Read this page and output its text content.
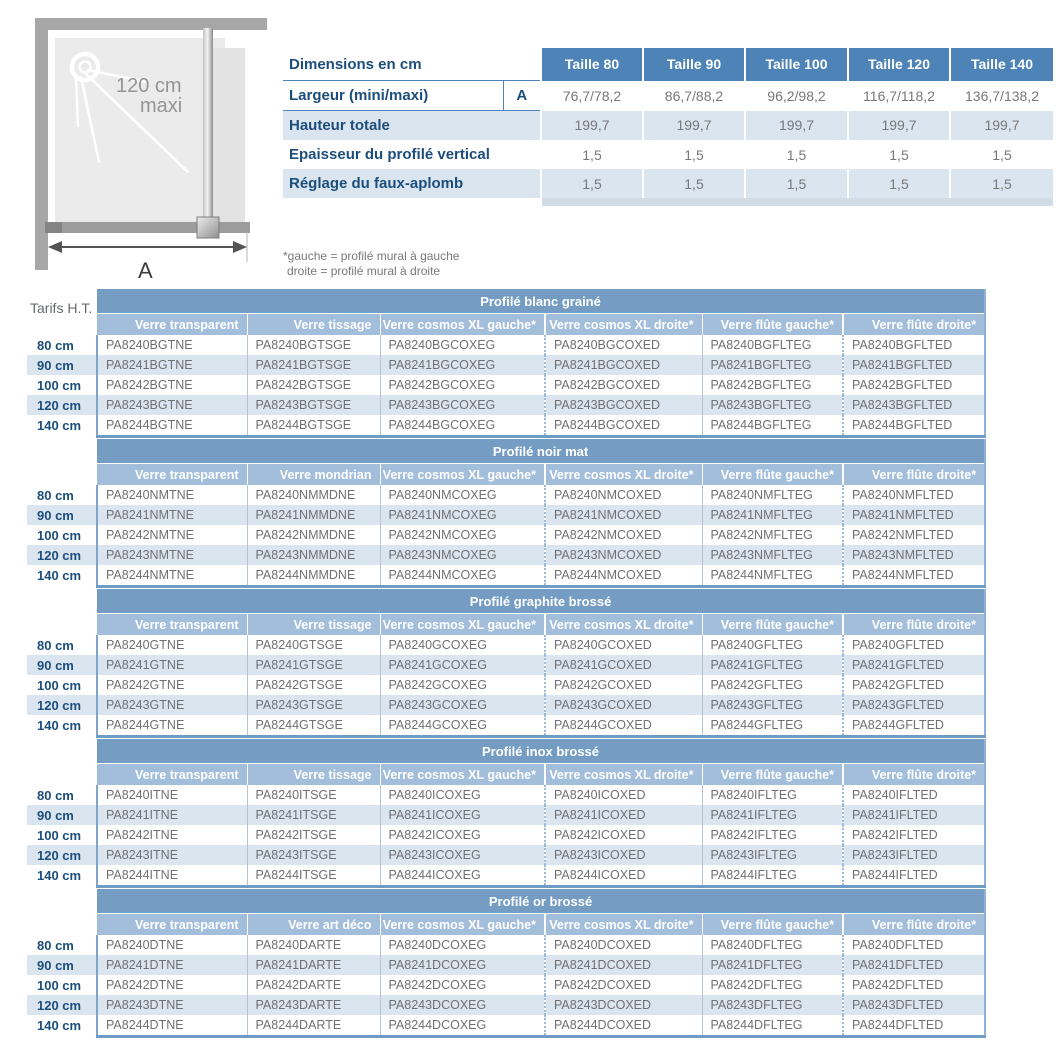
120 cm
maxi
A
Dimensions en cm		Taille 80	Taille 90	Taille 100	Taille 120	Taille 140
Largeur (mini/maxi)	A	76,7/78,2	86,7/88,2	96,2/98,2	116,7/118,2	136,7/138,2
Hauteur totale		199,7	199,7	199,7	199,7	199,7
Epaisseur du profilé vertical		1,5	1,5	1,5	1,5	1,5
Réglage du faux-aplomb		1,5	1,5	1,5	1,5	1,5

*gauche = profilé mural à gauche
droite = profilé mural à droite
Tarifs H.T.
		Profilé blanc grainé					
	Verre transparent	Verre tissage	Verre cosmos XL gauche*	Verre cosmos XL droite*	Verre flûte gauche*	Verre flûte droite*
80 cm	PA8240BGTNE	PA8240BGTSGE	PA8240BGCOXEG	PA8240BGCOXED	PA8240BGFLTEG	PA8240BGFLTED
90 cm	PA8241BGTNE	PA8241BGTSGE	PA8241BGCOXEG	PA8241BGCOXED	PA8241BGFLTEG	PA8241BGFLTED
100 cm	PA8242BGTNE	PA8242BGTSGE	PA8242BGCOXEG	PA8242BGCOXED	PA8242BGFLTEG	PA8242BGFLTED
120 cm	PA8243BGTNE	PA8243BGTSGE	PA8243BGCOXEG	PA8243BGCOXED	PA8243BGFLTEG	PA8243BGFLTED
140 cm	PA8244BGTNE	PA8244BGTSGE	PA8244BGCOXEG	PA8244BGCOXED	PA8244BGFLTEG	PA8244BGFLTED
	Profilé noir mat					
	Verre transparent	Verre mondrian	Verre cosmos XL gauche*	Verre cosmos XL droite*	Verre flûte gauche*	Verre flûte droite*
80 cm	PA8240NMTNE	PA8240NMMDNE	PA8240NMCOXEG	PA8240NMCOXED	PA8240NMFLTEG	PA8240NMFLTED
90 cm	PA8241NMTNE	PA8241NMMDNE	PA8241NMCOXEG	PA8241NMCOXED	PA8241NMFLTEG	PA8241NMFLTED
100 cm	PA8242NMTNE	PA8242NMMDNE	PA8242NMCOXEG	PA8242NMCOXED	PA8242NMFLTEG	PA8242NMFLTED
120 cm	PA8243NMTNE	PA8243NMMDNE	PA8243NMCOXEG	PA8243NMCOXED	PA8243NMFLTEG	PA8243NMFLTED
140 cm	PA8244NMTNE	PA8244NMMDNE	PA8244NMCOXEG	PA8244NMCOXED	PA8244NMFLTEG	PA8244NMFLTED
	Profilé graphite brossé					
	Verre transparent	Verre tissage	Verre cosmos XL gauche*	Verre cosmos XL droite*	Verre flûte gauche*	Verre flûte droite*
80 cm	PA8240GTNE	PA8240GTSGE	PA8240GCOXEG	PA8240GCOXED	PA8240GFLTEG	PA8240GFLTED
90 cm	PA8241GTNE	PA8241GTSGE	PA8241GCOXEG	PA8241GCOXED	PA8241GFLTEG	PA8241GFLTED
100 cm	PA8242GTNE	PA8242GTSGE	PA8242GCOXEG	PA8242GCOXED	PA8242GFLTEG	PA8242GFLTED
120 cm	PA8243GTNE	PA8243GTSGE	PA8243GCOXEG	PA8243GCOXED	PA8243GFLTEG	PA8243GFLTED
140 cm	PA8244GTNE	PA8244GTSGE	PA8244GCOXEG	PA8244GCOXED	PA8244GFLTEG	PA8244GFLTED
	Profilé inox brossé					
	Verre transparent	Verre tissage	Verre cosmos XL gauche*	Verre cosmos XL droite*	Verre flûte gauche*	Verre flûte droite*
80 cm	PA8240ITNE	PA8240ITSGE	PA8240ICOXEG	PA8240ICOXED	PA8240IFLTEG	PA8240IFLTED
90 cm	PA8241ITNE	PA8241ITSGE	PA8241ICOXEG	PA8241ICOXED	PA8241IFLTEG	PA8241IFLTED
100 cm	PA8242ITNE	PA8242ITSGE	PA8242ICOXEG	PA8242ICOXED	PA8242IFLTEG	PA8242IFLTED
120 cm	PA8243ITNE	PA8243ITSGE	PA8243ICOXEG	PA8243ICOXED	PA8243IFLTEG	PA8243IFLTED
140 cm	PA8244ITNE	PA8244ITSGE	PA8244ICOXEG	PA8244ICOXED	PA8244IFLTEG	PA8244IFLTED
	Profilé or brossé					
	Verre transparent	Verre art déco	Verre cosmos XL gauche*	Verre cosmos XL droite*	Verre flûte gauche*	Verre flûte droite*
80 cm	PA8240DTNE	PA8240DARTE	PA8240DCOXEG	PA8240DCOXED	PA8240DFLTEG	PA8240DFLTED
90 cm	PA8241DTNE	PA8241DARTE	PA8241DCOXEG	PA8241DCOXED	PA8241DFLTEG	PA8241DFLTED
100 cm	PA8242DTNE	PA8242DARTE	PA8242DCOXEG	PA8242DCOXED	PA8242DFLTEG	PA8242DFLTED
120 cm	PA8243DTNE	PA8243DARTE	PA8243DCOXEG	PA8243DCOXED	PA8243DFLTEG	PA8243DFLTED
140 cm	PA8244DTNE	PA8244DARTE	PA8244DCOXEG	PA8244DCOXED	PA8244DFLTEG	PA8244DFLTED
